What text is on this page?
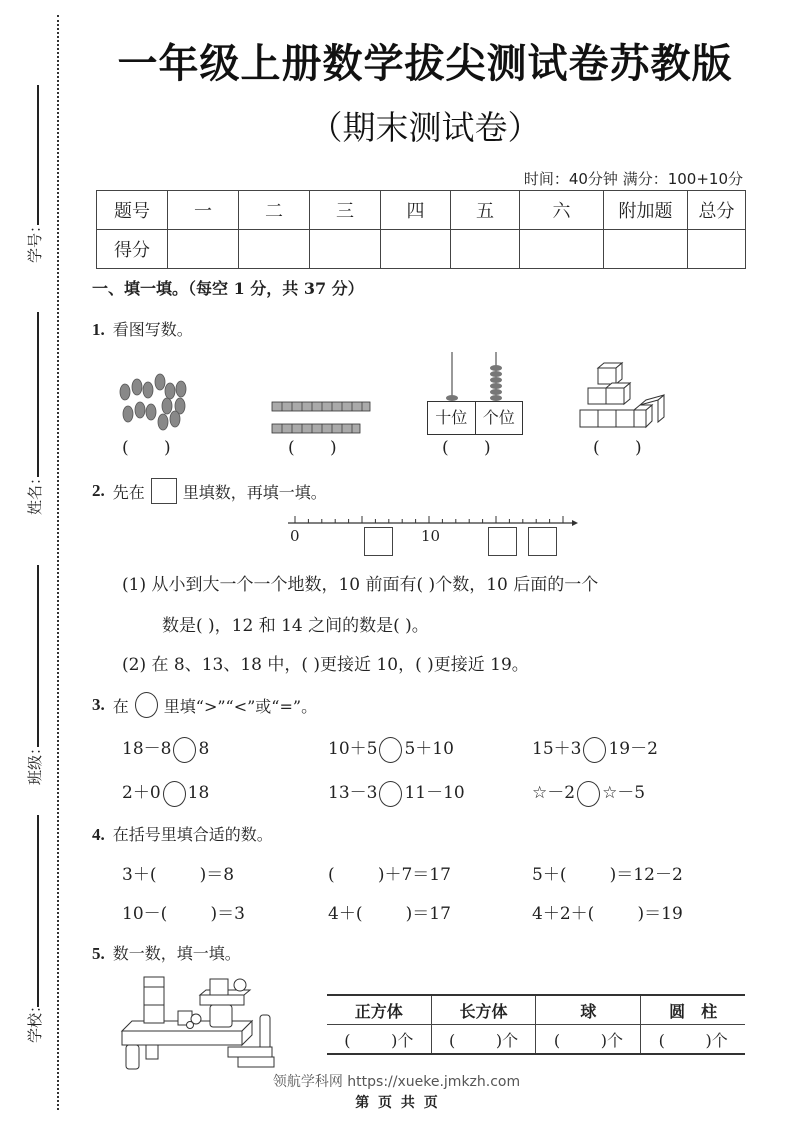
学号：
姓名：
班级：
学校：
一年级上册数学拔尖测试卷苏教版
（期末测试卷）
时间：40分钟 满分：100+10分
题号	一	二	三	四	五	六	附加题	总分
得分								
一、填一填。（每空 1 分，共 37 分）
1. 看图写数。
( )	( )
十位 个位
( )	( )
2. 先在 里填数，再填一填。
0	10
(1) 从小到大一个一个地数，10 前面有( )个数，10 后面的一个
数是( )，12 和 14 之间的数是( )。
(2) 在 8、13、18 中，( )更接近 10，( )更接近 19。
3. 在 里填“>”“<”或“=”。
18－8 8	10＋5 5＋10	15＋3 19－2
2＋0 18	13－3 11－10	☆－2 ☆－5
4. 在括号里填合适的数。
3＋(        )＝8	(        )＋7＝17	5＋(        )＝12－2
10－(        )＝3	4＋(        )＝17	4＋2＋(        )＝19
5. 数一数，填一填。
正方体	长方体	球	圆　柱
(        )个	(        )个	(        )个	(        )个
领航学科网 https://xueke.jmkzh.com
第 页 共 页
